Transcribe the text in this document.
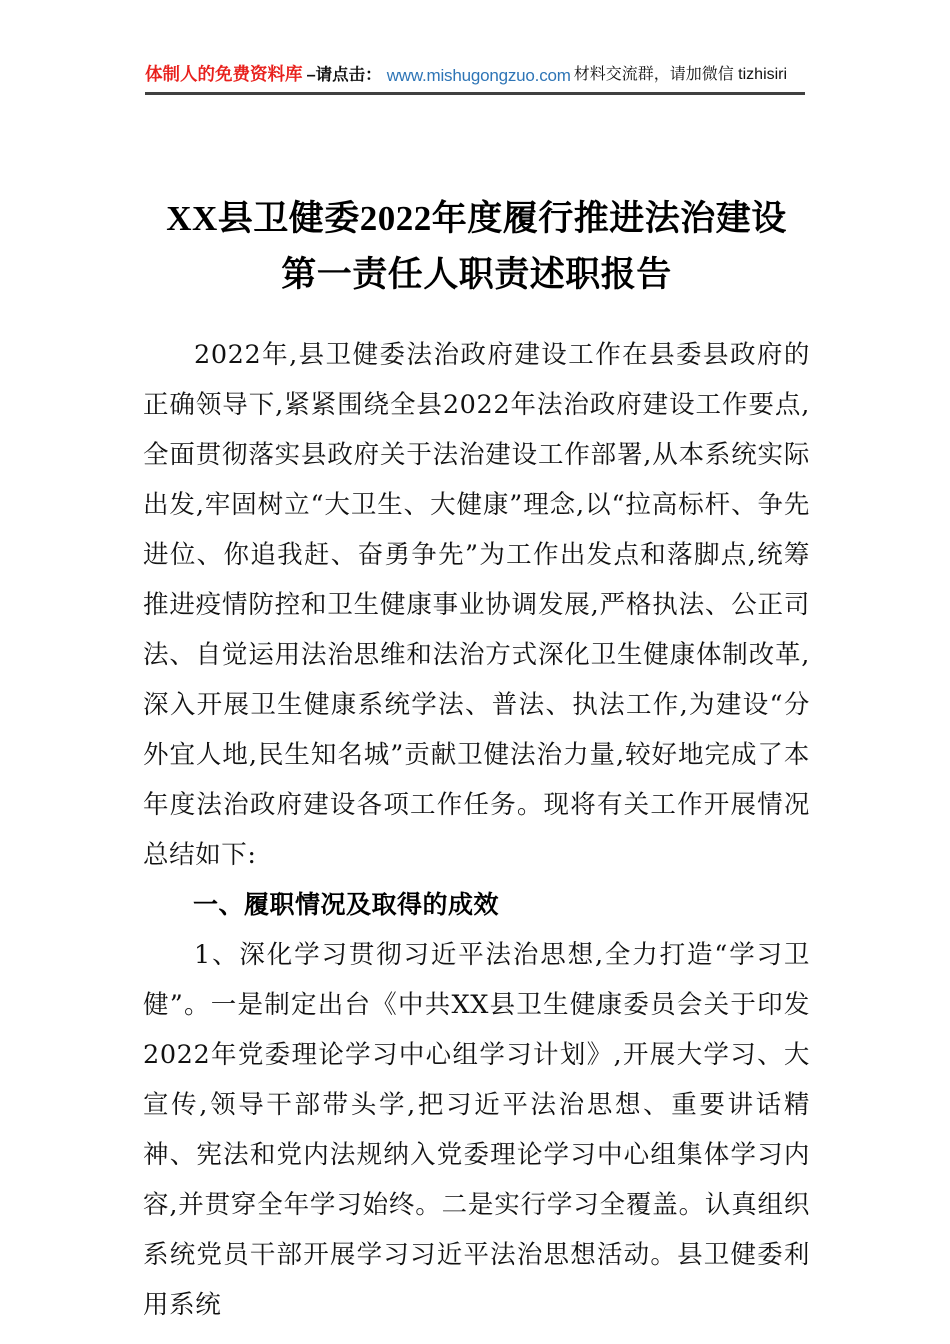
体制人的免费资料库 –请点击： www.mishugongzuo.com 材料交流群，请加微信 tizhisiri
XX县卫健委2022年度履行推进法治建设
第一责任人职责述职报告

2022年,县卫健委法治政府建设工作在县委县政府的正确领导下,紧紧围绕全县2022年法治政府建设工作要点,全面贯彻落实县政府关于法治建设工作部署,从本系统实际出发,牢固树立“大卫生、大健康”理念,以“拉高标杆、争先进位、你追我赶、奋勇争先”为工作出发点和落脚点,统筹推进疫情防控和卫生健康事业协调发展,严格执法、公正司法、自觉运用法治思维和法治方式深化卫生健康体制改革,深入开展卫生健康系统学法、普法、执法工作,为建设“分外宜人地,民生知名城”贡献卫健法治力量,较好地完成了本年度法治政府建设各项工作任务。现将有关工作开展情况总结如下:

一、履职情况及取得的成效

1、深化学习贯彻习近平法治思想,全力打造“学习卫健”。一是制定出台《中共XX县卫生健康委员会关于印发2022年党委理论学习中心组学习计划》,开展大学习、大宣传,领导干部带头学,把习近平法治思想、重要讲话精神、宪法和党内法规纳入党委理论学习中心组集体学习内容,并贯穿全年学习始终。二是实行学习全覆盖。认真组织系统党员干部开展学习习近平法治思想活动。县卫健委利用系统
